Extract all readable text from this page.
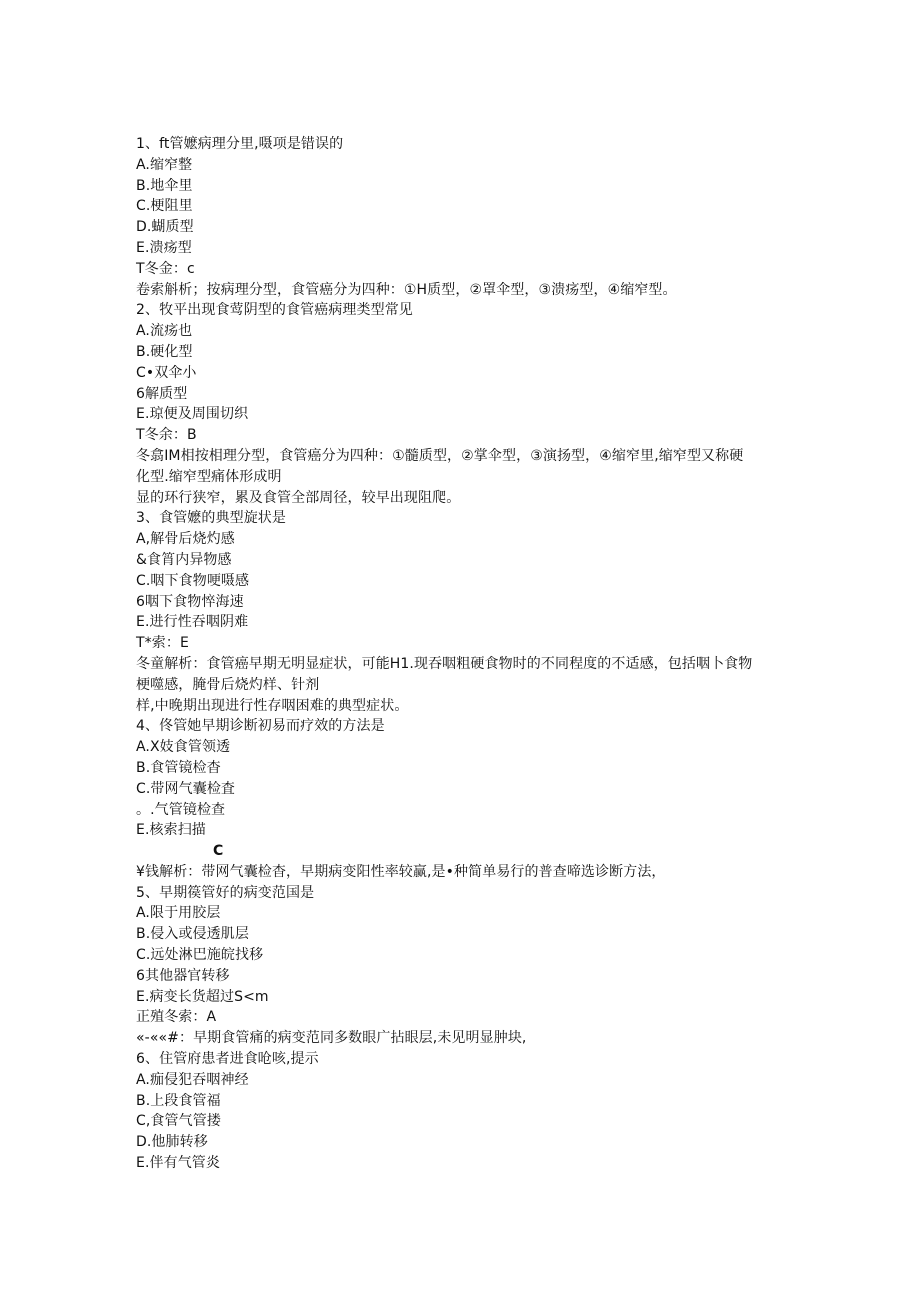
1、ft管嬷病理分里,嗫项是错误的
A.缩窄整
B.地伞里
C.梗阻里
D.蝴质型
E.溃疡型
T冬金：c
卷索斛析；按病理分型，食管癌分为四种：①H质型，②罩伞型，③溃疡型，④缩窄型。
2、牧平出现食莺阴型的食管癌病理类型常见
A.流疡也
B.硬化型
C•双伞小
6解质型
E.琼便及周围切织
T冬余：B
冬翕IM相按相理分型，食管癌分为四种：①髓质型，②掌伞型，③演扬型，④缩窄里,缩窄型又称硬
化型.缩窄型痛体形成明
显的环行狭窄，累及食管全部周径，较早出现阻爬。
3、食管嬷的典型旋状是
A,解骨后烧灼感
&食筲内异物感
C.咽下食物哽嗫感
6咽下食物悴海速
E.进行性吞咽阴难
T*索：E
冬童解析：食管癌早期无明显症状，可能H1.现吞咽粗硬食物时的不同程度的不适感，包括咽卜食物
梗噬感，腌骨后烧灼样、针剂
样,中晚期出现进行性存咽困难的典型症状。
4、佟管她早期诊断初易而疗效的方法是
A.X妓食管领透
B.食管镜检杳
C.带网气囊检査
。.气管镜检查
E.核索扫描
C
¥钱解析：带网气囊检杳，早期病变阳性率较赢,是•种简单易行的普查啼选诊断方法，
5、早期篌管好的病变范国是
A.限于用胶层
B.侵入或侵透肌层
C.远处淋巴施皖找移
6其他器官转移
E.病变长货超过S<m
正殖冬索：A
«-««#：早期食管痛的病变范同多数眼广拈眼层,未见明显肿块,
6、住管府患者进食呛咳,提示
A.痂侵犯吞咽神经
B.上段食管福
C,食管气管搂
D.他肺转移
E.伴有气管炎
